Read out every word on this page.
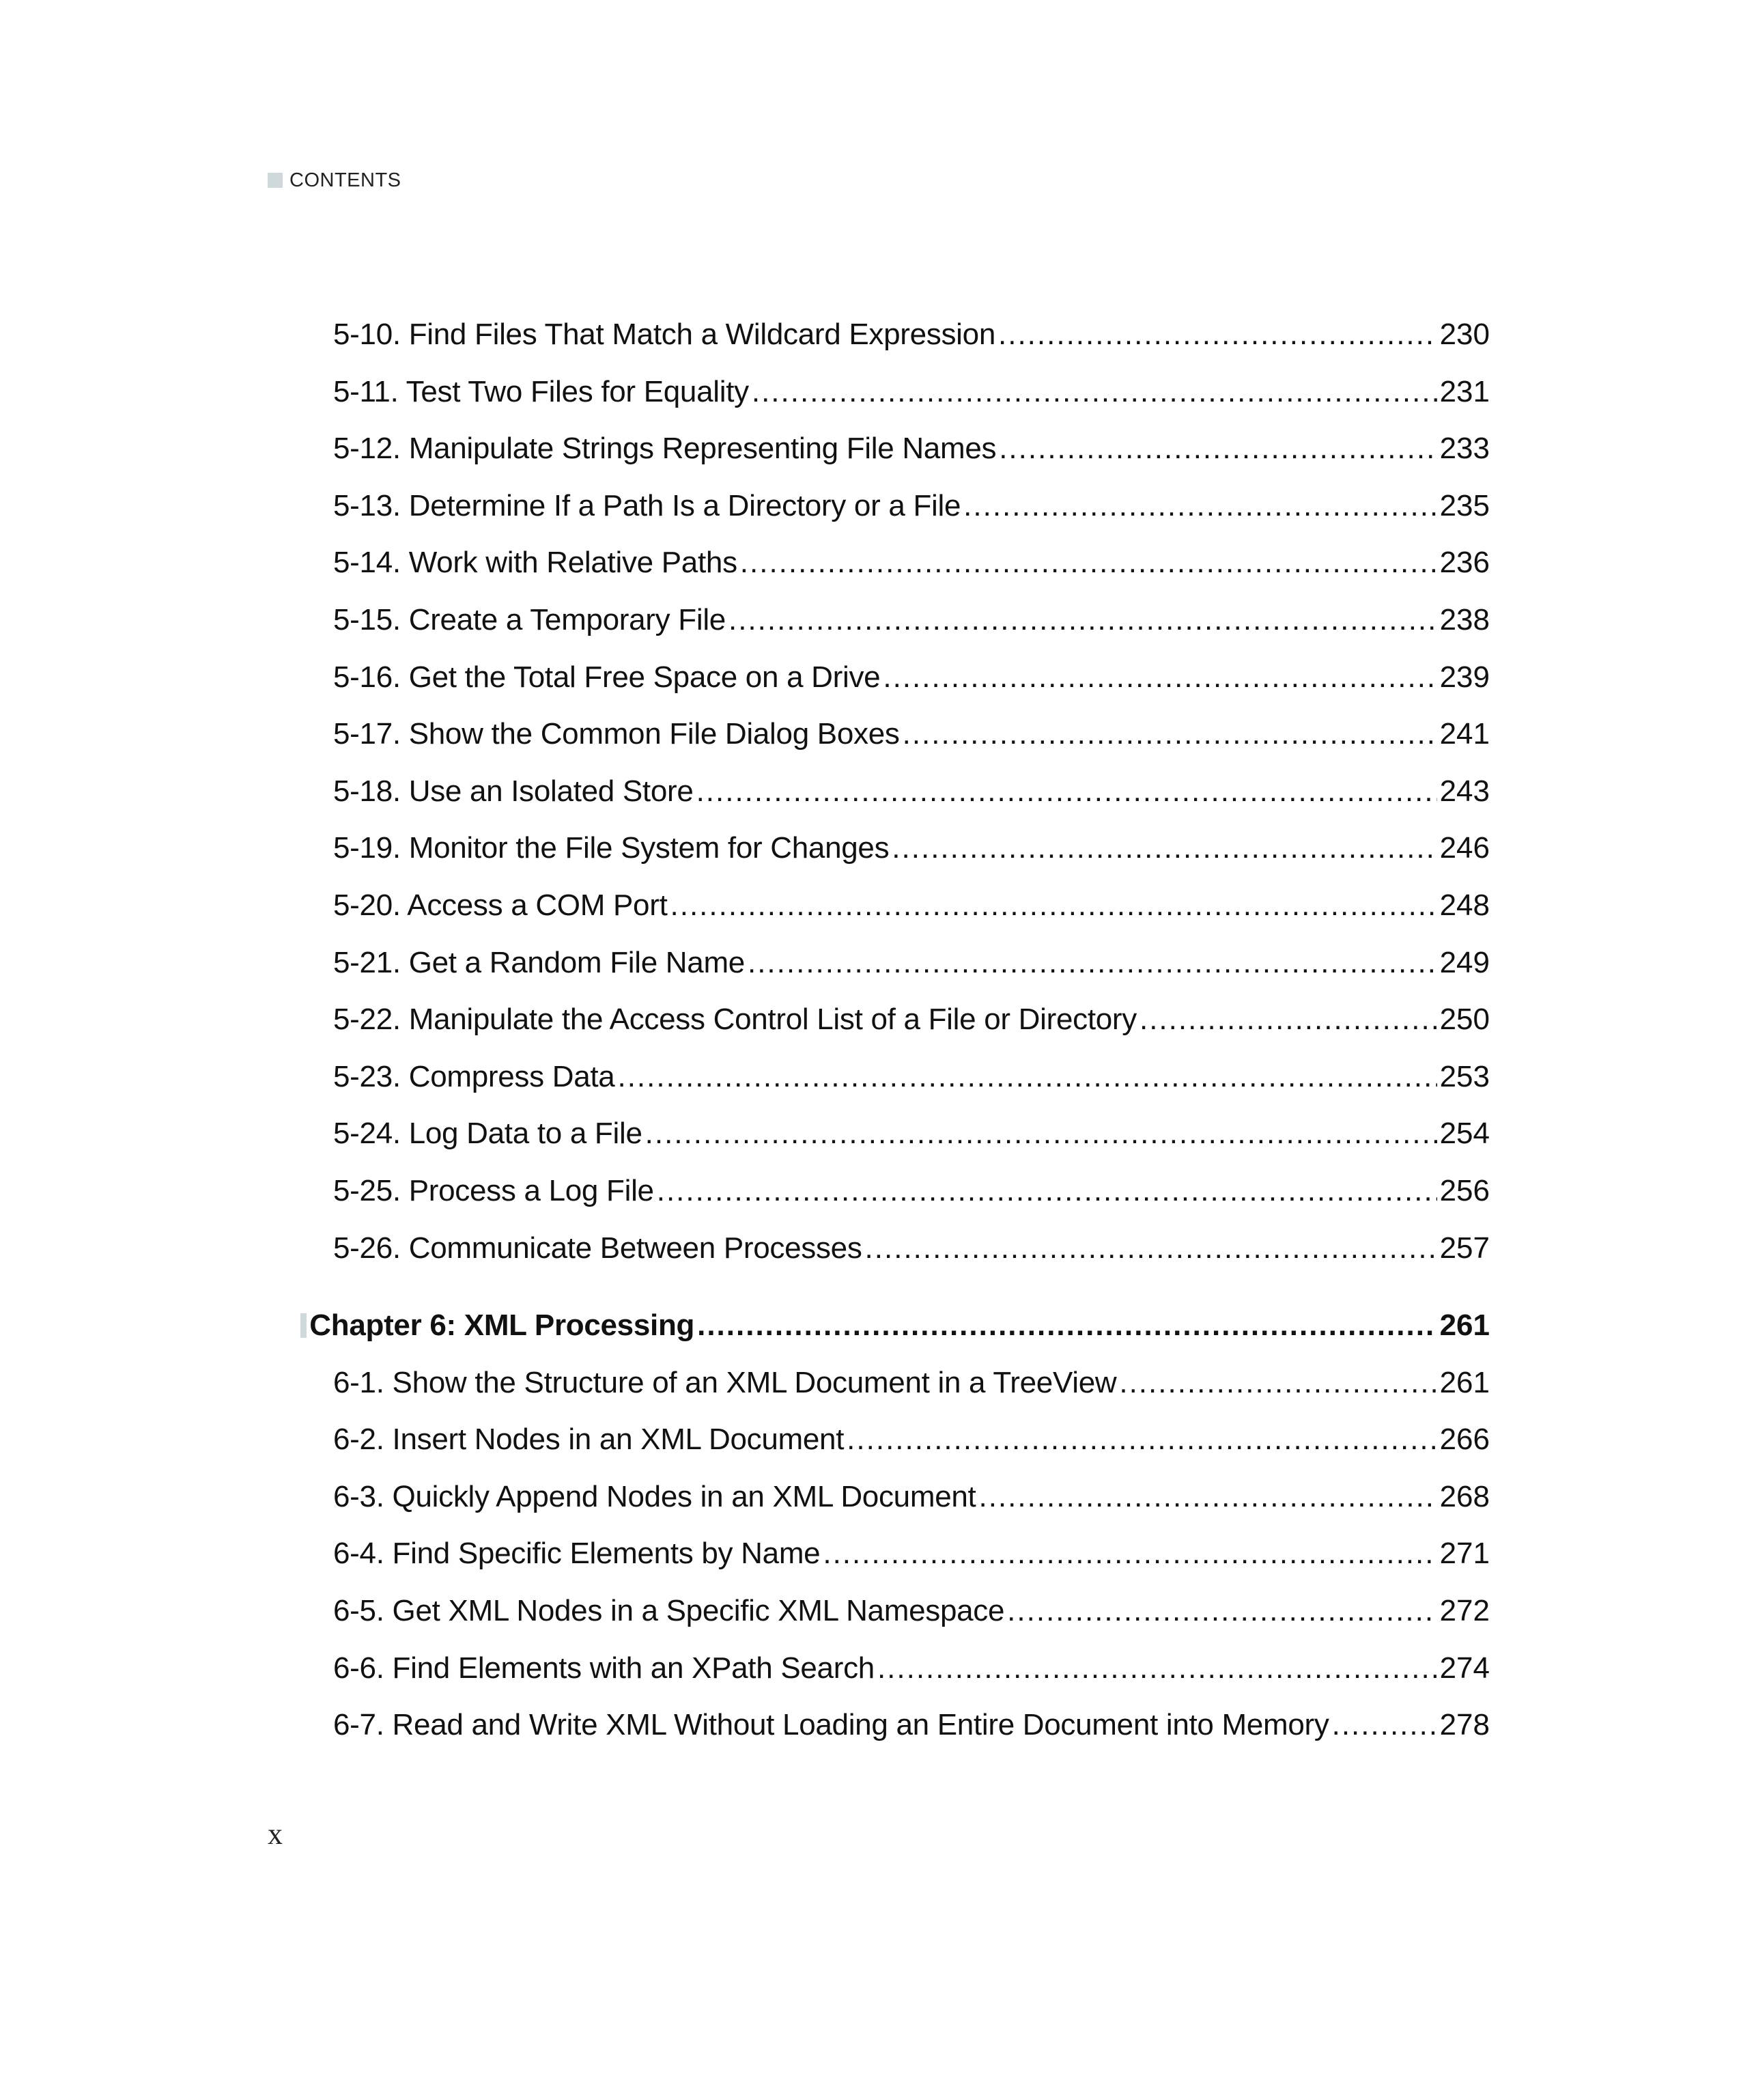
CONTENTS
5-10. Find Files That Match a Wildcard Expression .....	230
5-11. Test Two Files for Equality .....	231
5-12. Manipulate Strings Representing File Names .....	233
5-13. Determine If a Path Is a Directory or a File .....	235
5-14. Work with Relative Paths .....	236
5-15. Create a Temporary File .....	238
5-16. Get the Total Free Space on a Drive .....	239
5-17. Show the Common File Dialog Boxes .....	241
5-18. Use an Isolated Store .....	243
5-19. Monitor the File System for Changes .....	246
5-20. Access a COM Port .....	248
5-21. Get a Random File Name .....	249
5-22. Manipulate the Access Control List of a File or Directory .....	250
5-23. Compress Data .....	253
5-24. Log Data to a File .....	254
5-25. Process a Log File .....	256
5-26. Communicate Between Processes .....	257
Chapter 6: XML Processing .....	261
6-1. Show the Structure of an XML Document in a TreeView .....	261
6-2. Insert Nodes in an XML Document .....	266
6-3. Quickly Append Nodes in an XML Document .....	268
6-4. Find Specific Elements by Name .....	271
6-5. Get XML Nodes in a Specific XML Namespace .....	272
6-6. Find Elements with an XPath Search .....	274
6-7. Read and Write XML Without Loading an Entire Document into Memory .....	278
x
